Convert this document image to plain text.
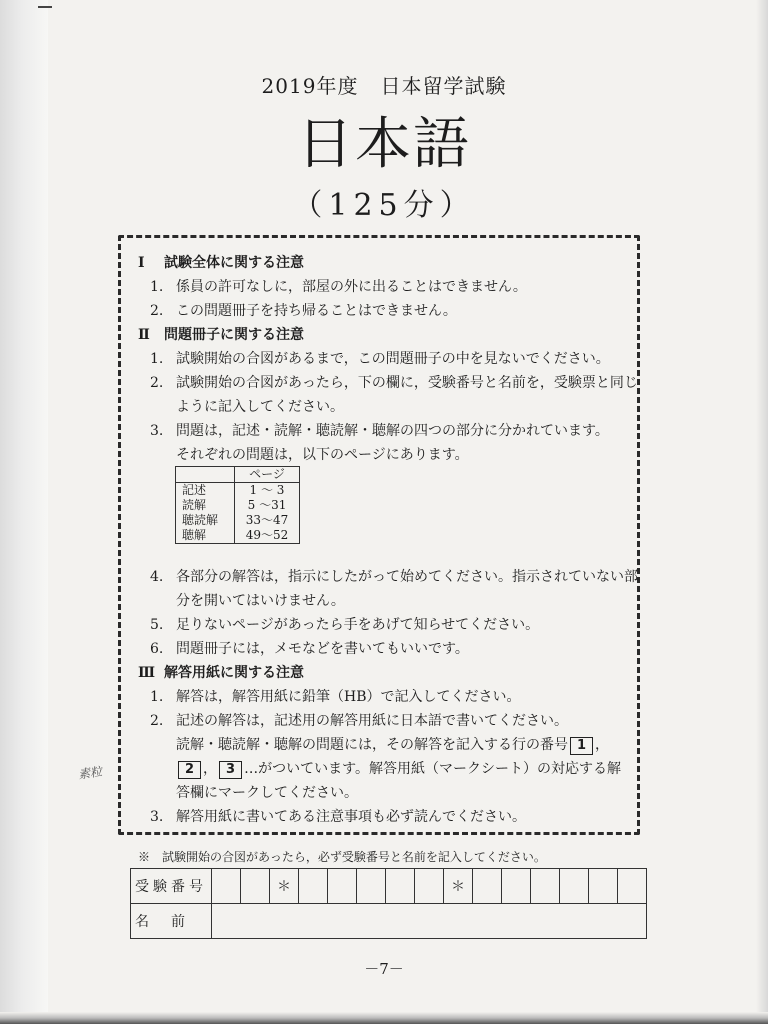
2019年度 日本留学試験
日本語
（125分）
Ⅰ 試験全体に関する注意
1. 係員の許可なしに，部屋の外に出ることはできません。
2. この問題冊子を持ち帰ることはできません。
Ⅱ 問題冊子に関する注意
1. 試験開始の合図があるまで，この問題冊子の中を見ないでください。
2. 試験開始の合図があったら，下の欄に，受験番号と名前を，受験票と同じ
ように記入してください。
3. 問題は，記述・読解・聴読解・聴解の四つの部分に分かれています。
それぞれの問題は，以下のページにあります。
	ページ
記述	1 ～ 3
読解	5 ～31
聴読解	33～47
聴解	49～52
4. 各部分の解答は，指示にしたがって始めてください。指示されていない部
分を開いてはいけません。
5. 足りないページがあったら手をあげて知らせてください。
6. 問題冊子には，メモなどを書いてもいいです。
Ⅲ 解答用紙に関する注意
1. 解答は，解答用紙に鉛筆（HB）で記入してください。
2. 記述の解答は，記述用の解答用紙に日本語で書いてください。
読解・聴読解・聴解の問題には，その解答を記入する行の番号 1 ，
2 ， 3 …がついています。解答用紙（マークシート）の対応する解
答欄にマークしてください。
3. 解答用紙に書いてある注意事項も必ず読んでください。
素粒
※　試験開始の合図があったら，必ず受験番号と名前を記入してください。
受験番号			＊						＊						
名前															
－7－
